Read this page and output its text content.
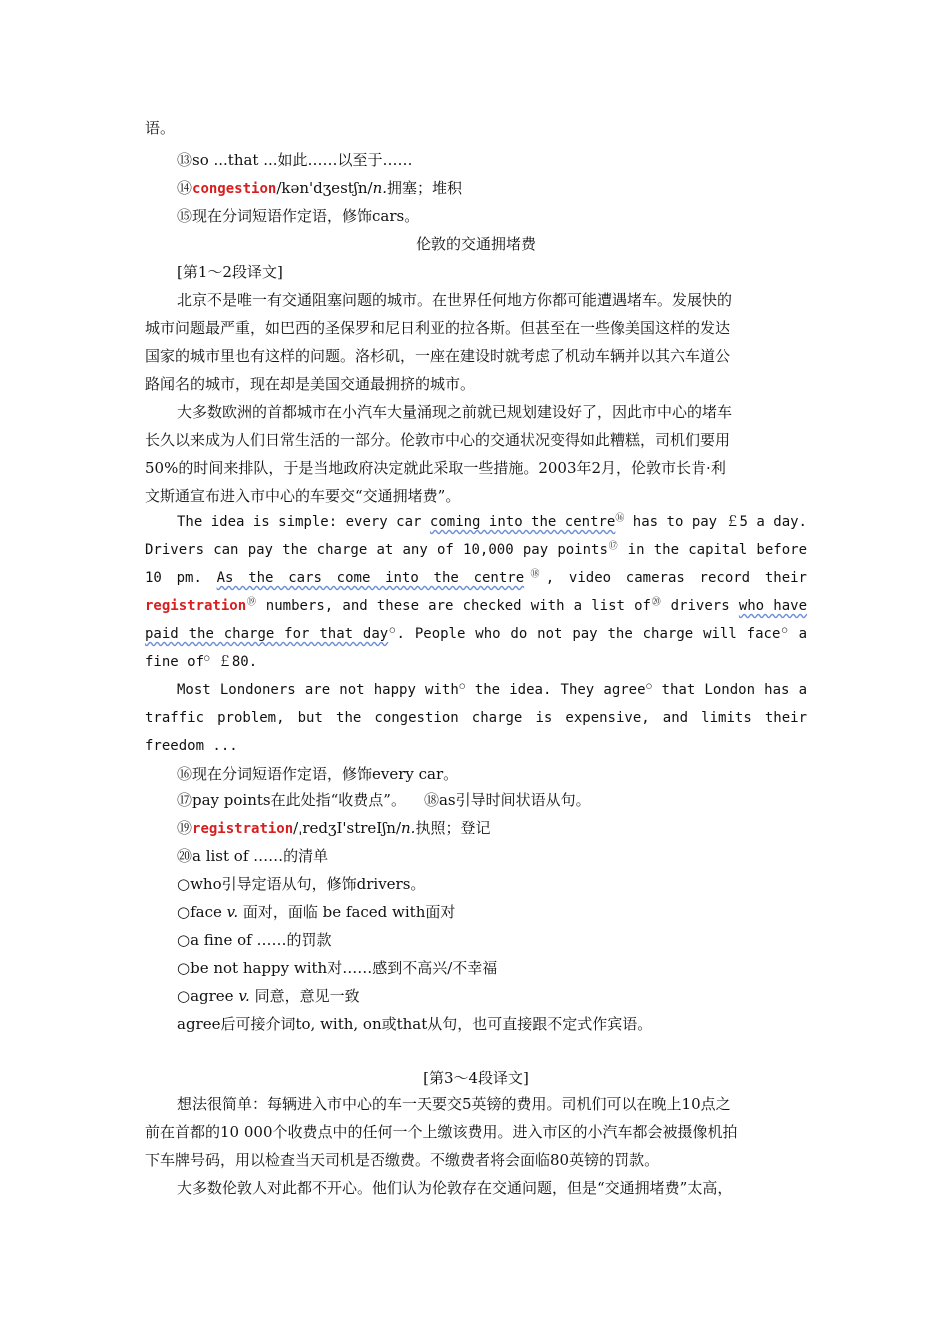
语。
⑬so ...that ...如此……以至于……
⑭congestion/kən'dʒestʃn/n.拥塞；堆积
⑮现在分词短语作定语，修饰cars。
伦敦的交通拥堵费
[第1～2段译文]
北京不是唯一有交通阻塞问题的城市。在世界任何地方你都可能遭遇堵车。发展快的
城市问题最严重，如巴西的圣保罗和尼日利亚的拉各斯。但甚至在一些像美国这样的发达
国家的城市里也有这样的问题。洛杉矶，一座在建设时就考虑了机动车辆并以其六车道公
路闻名的城市，现在却是美国交通最拥挤的城市。
大多数欧洲的首都城市在小汽车大量涌现之前就已规划建设好了，因此市中心的堵车
长久以来成为人们日常生活的一部分。伦敦市中心的交通状况变得如此糟糕，司机们要用
50%的时间来排队，于是当地政府决定就此采取一些措施。2003年2月，伦敦市长肯·利
文斯通宣布进入市中心的车要交“交通拥堵费”。
The idea is simple: every car coming into the centre⑯ has to pay ￡5 a day.
Drivers can pay the charge at any of 10,000 pay points⑰ in the capital before
10 pm. As the cars come into the centre⑱, video cameras record their
registration⑲ numbers, and these are checked with a list of⑳ drivers who have
paid the charge for that day○. People who do not pay the charge will face○ a
fine of○ ￡80.
Most Londoners are not happy with○ the idea. They agree○ that London has a
traffic problem, but the congestion charge is expensive, and limits their
freedom ...
⑯现在分词短语作定语，修饰every car。
⑰pay points在此处指“收费点”。 ⑱as引导时间状语从句。
⑲registration/ˌredʒI'streIʃn/n.执照；登记
⑳a list of ……的清单
○who引导定语从句，修饰drivers。
○face v. 面对，面临 be faced with面对
○a fine of ……的罚款
○be not happy with对……感到不高兴/不幸福
○agree v. 同意，意见一致
agree后可接介词to, with, on或that从句，也可直接跟不定式作宾语。
[第3～4段译文]
想法很简单：每辆进入市中心的车一天要交5英镑的费用。司机们可以在晚上10点之
前在首都的10 000个收费点中的任何一个上缴该费用。进入市区的小汽车都会被摄像机拍
下车牌号码，用以检查当天司机是否缴费。不缴费者将会面临80英镑的罚款。
大多数伦敦人对此都不开心。他们认为伦敦存在交通问题，但是“交通拥堵费”太高，
